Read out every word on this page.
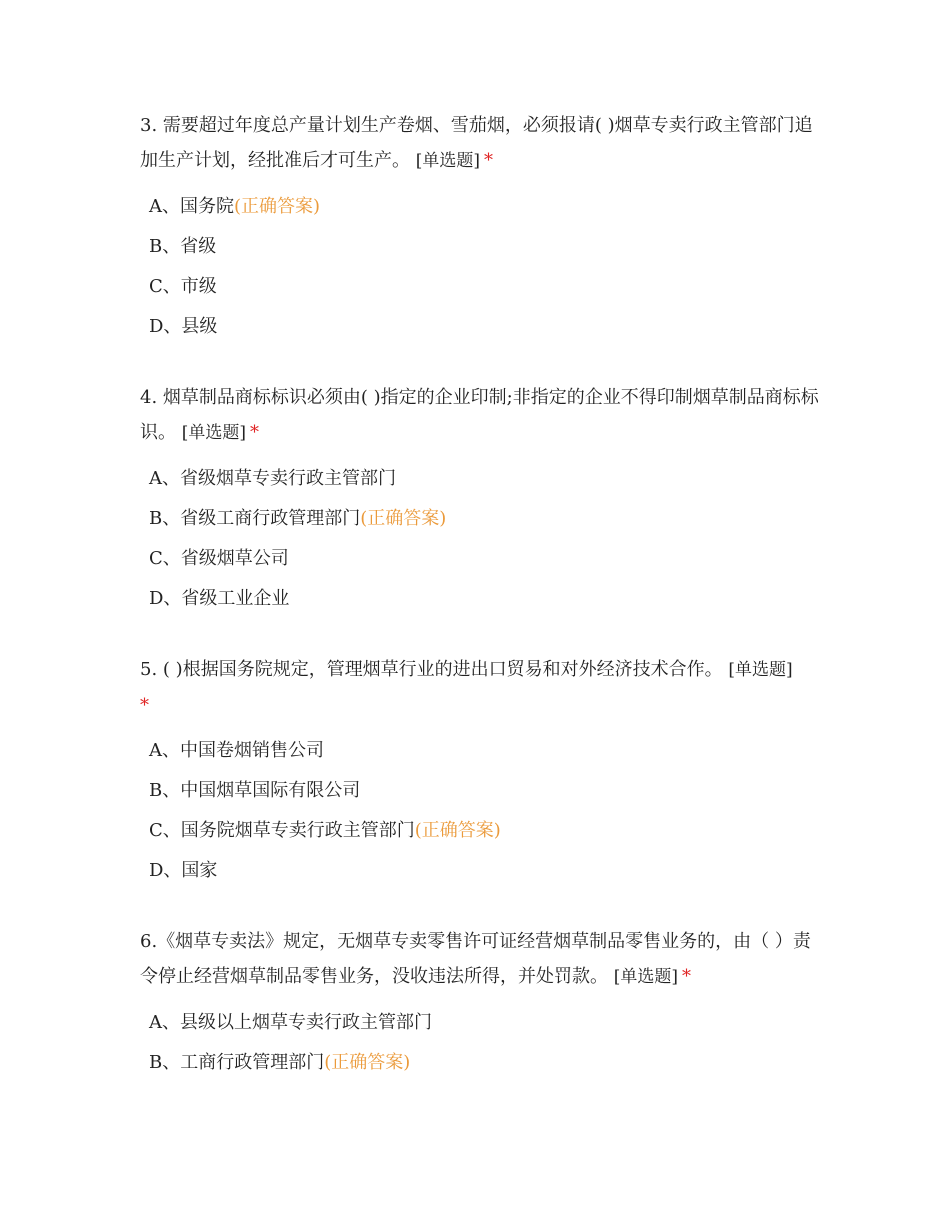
3. 需要超过年度总产量计划生产卷烟、雪茄烟，必须报请( )烟草专卖行政主管部门追加生产计划，经批准后才可生产。 [单选题] *

A、国务院(正确答案)
B、省级
C、市级
D、县级

4. 烟草制品商标标识必须由( )指定的企业印制;非指定的企业不得印制烟草制品商标标识。 [单选题] *

A、省级烟草专卖行政主管部门
B、省级工商行政管理部门(正确答案)
C、省级烟草公司
D、省级工业企业

5. ( )根据国务院规定，管理烟草行业的进出口贸易和对外经济技术合作。 [单选题]
*

A、中国卷烟销售公司
B、中国烟草国际有限公司
C、国务院烟草专卖行政主管部门(正确答案)
D、国家

6.《烟草专卖法》规定，无烟草专卖零售许可证经营烟草制品零售业务的，由（ ）责令停止经营烟草制品零售业务，没收违法所得，并处罚款。 [单选题] *

A、县级以上烟草专卖行政主管部门
B、工商行政管理部门(正确答案)
